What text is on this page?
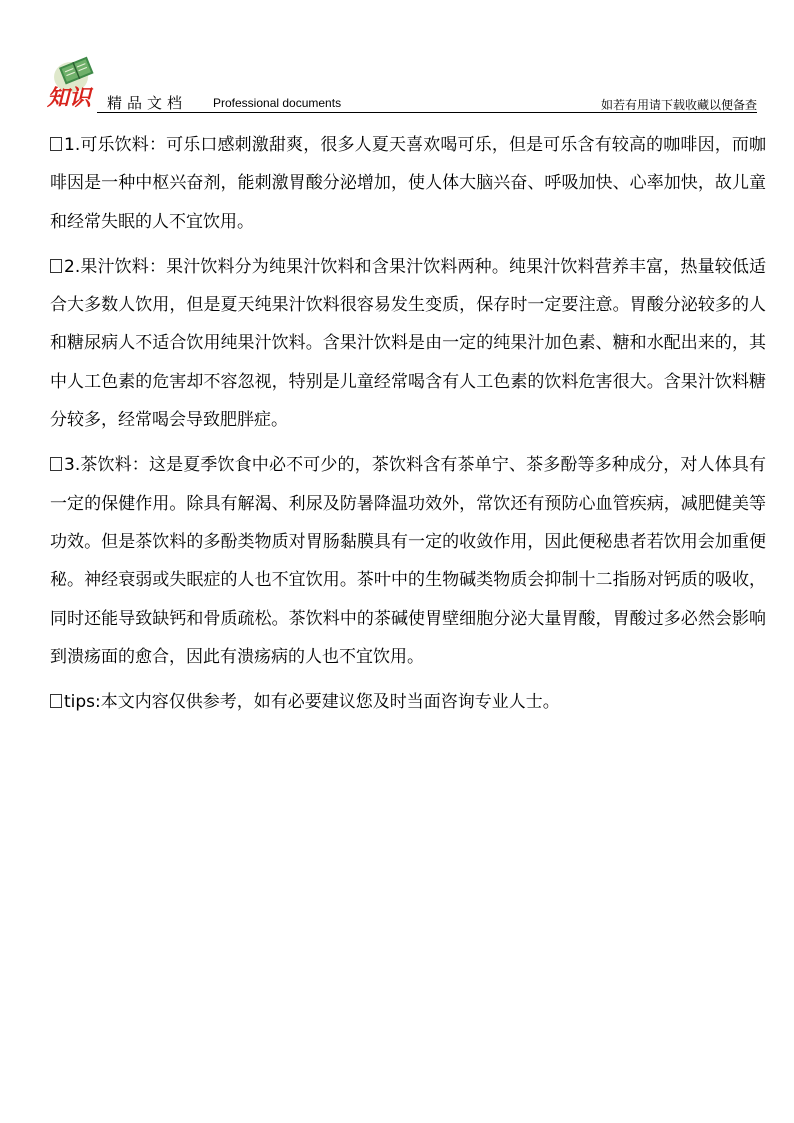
知识 精品文档 Professional documents	如若有用请下载收藏以便备查

1.可乐饮料：可乐口感刺激甜爽，很多人夏天喜欢喝可乐，但是可乐含有较高的咖啡因，而咖啡因是一种中枢兴奋剂，能刺激胃酸分泌增加，使人体大脑兴奋、呼吸加快、心率加快，故儿童和经常失眠的人不宜饮用。

2.果汁饮料：果汁饮料分为纯果汁饮料和含果汁饮料两种。纯果汁饮料营养丰富，热量较低适合大多数人饮用，但是夏天纯果汁饮料很容易发生变质，保存时一定要注意。胃酸分泌较多的人和糖尿病人不适合饮用纯果汁饮料。含果汁饮料是由一定的纯果汁加色素、糖和水配出来的，其中人工色素的危害却不容忽视，特别是儿童经常喝含有人工色素的饮料危害很大。含果汁饮料糖分较多，经常喝会导致肥胖症。

3.茶饮料：这是夏季饮食中必不可少的，茶饮料含有茶单宁、茶多酚等多种成分，对人体具有一定的保健作用。除具有解渴、利尿及防暑降温功效外，常饮还有预防心血管疾病，减肥健美等功效。但是茶饮料的多酚类物质对胃肠黏膜具有一定的收敛作用，因此便秘患者若饮用会加重便秘。神经衰弱或失眠症的人也不宜饮用。茶叶中的生物碱类物质会抑制十二指肠对钙质的吸收，同时还能导致缺钙和骨质疏松。茶饮料中的茶碱使胃壁细胞分泌大量胃酸，胃酸过多必然会影响到溃疡面的愈合，因此有溃疡病的人也不宜饮用。

tips:本文内容仅供参考，如有必要建议您及时当面咨询专业人士。
